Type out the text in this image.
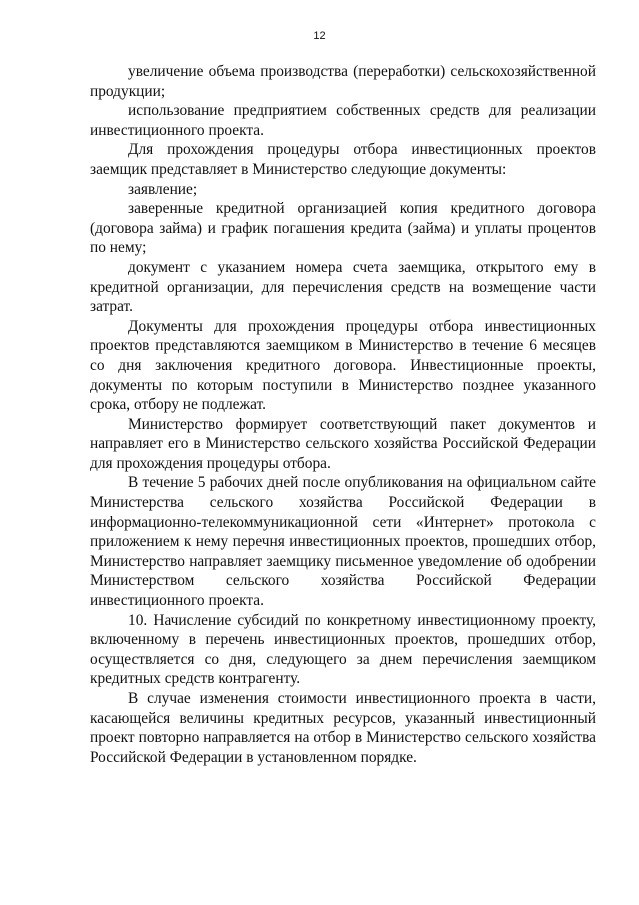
12

увеличение объема производства (переработки) сельскохозяйственной продукции;

использование предприятием собственных средств для реализации инвестиционного проекта.

Для прохождения процедуры отбора инвестиционных проектов заемщик представляет в Министерство следующие документы:

заявление;

заверенные кредитной организацией копия кредитного договора (договора займа) и график погашения кредита (займа) и уплаты процентов по нему;

документ с указанием номера счета заемщика, открытого ему в кредитной организации, для перечисления средств на возмещение части затрат.

Документы для прохождения процедуры отбора инвестиционных проектов представляются заемщиком в Министерство в течение 6 месяцев со дня заключения кредитного договора. Инвестиционные проекты, документы по которым поступили в Министерство позднее указанного срока, отбору не подлежат.

Министерство формирует соответствующий пакет документов и направляет его в Министерство сельского хозяйства Российской Федерации для прохождения процедуры отбора.

В течение 5 рабочих дней после опубликования на официальном сайте Министерства сельского хозяйства Российской Федерации в информационно-телекоммуникационной сети «Интернет» протокола с приложением к нему перечня инвестиционных проектов, прошедших отбор, Министерство направляет заемщику письменное уведомление об одобрении Министерством сельского хозяйства Российской Федерации инвестиционного проекта.

10. Начисление субсидий по конкретному инвестиционному проекту, включенному в перечень инвестиционных проектов, прошедших отбор, осуществляется со дня, следующего за днем перечисления заемщиком кредитных средств контрагенту.

В случае изменения стоимости инвестиционного проекта в части, касающейся величины кредитных ресурсов, указанный инвестиционный проект повторно направляется на отбор в Министерство сельского хозяйства Российской Федерации в установленном порядке.
